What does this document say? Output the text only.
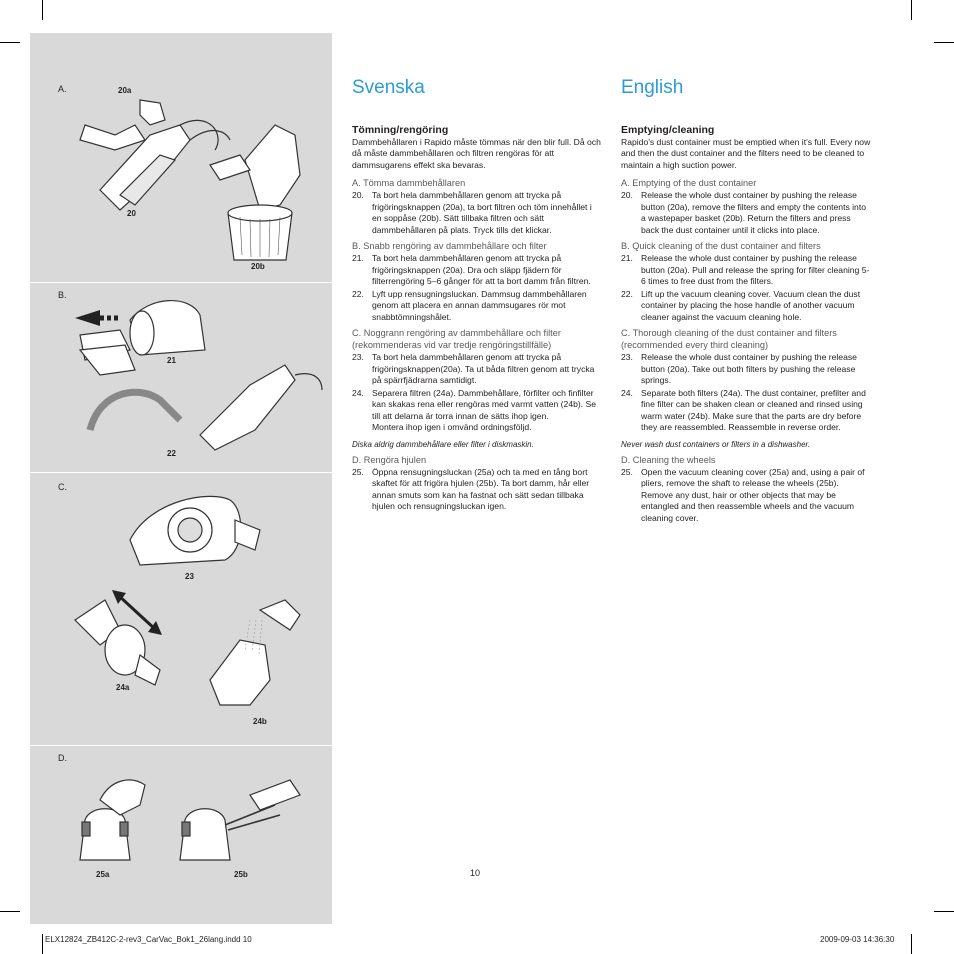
A.	20a
20
20b
B.
21
22
C.
23
24a
24b
D.
25a	25b
Svenska
Tömning/rengöring
Dammbehållaren i Rapido måste tömmas när den blir full. Då och då måste dammbehållaren och filtren rengöras för att dammsugarens effekt ska bevaras.
A. Tömma dammbehållaren
20. Ta bort hela dammbehållaren genom att trycka på frigöringsknappen (20a), ta bort filtren och töm innehållet i en soppåse (20b). Sätt tillbaka filtren och sätt dammbehållaren på plats. Tryck tills det klickar.
B. Snabb rengöring av dammbehållare och filter
21. Ta bort hela dammbehållaren genom att trycka på frigöringsknappen (20a). Dra och släpp fjädern för filterrengöring 5–6 gånger för att ta bort damm från filtren.
22. Lyft upp rensugningsluckan. Dammsug dammbehållaren genom att placera en annan dammsugares rör mot snabbtömningshålet.
C. Noggrann rengöring av dammbehållare och filter (rekommenderas vid var tredje rengöringstillfälle)
23. Ta bort hela dammbehållaren genom att trycka på frigöringsknappen(20a). Ta ut båda filtren genom att trycka på spärrfjädrarna samtidigt.
24. Separera filtren (24a). Dammbehållare, förfilter och finfilter kan skakas rena eller rengöras med varmt vatten (24b). Se till att delarna är torra innan de sätts ihop igen.
Montera ihop igen i omvänd ordningsföljd.
Diska aldrig dammbehållare eller filter i diskmaskin.
D. Rengöra hjulen
25. Öppna rensugningsluckan (25a) och ta med en tång bort skaftet för att frigöra hjulen (25b). Ta bort damm, hår eller annan smuts som kan ha fastnat och sätt sedan tillbaka hjulen och rensugningsluckan igen.
English
Emptying/cleaning
Rapido's dust container must be emptied when it's full. Every now and then the dust container and the filters need to be cleaned to maintain a high suction power.
A. Emptying of the dust container
20. Release the whole dust container by pushing the release button (20a), remove the filters and empty the contents into a wastepaper basket (20b). Return the filters and press back the dust container until it clicks into place.
B. Quick cleaning of the dust container and filters
21. Release the whole dust container by pushing the release button (20a). Pull and release the spring for filter cleaning 5-6 times to free dust from the filters.
22. Lift up the vacuum cleaning cover. Vacuum clean the dust container by placing the hose handle of another vacuum cleaner against the vacuum cleaning hole.
C. Thorough cleaning of the dust container and filters (recommended every third cleaning)
23. Release the whole dust container by pushing the release button (20a). Take out both filters by pushing the release springs.
24. Separate both filters (24a). The dust container, prefilter and fine filter can be shaken clean or cleaned and rinsed using warm water (24b). Make sure that the parts are dry before they are reassembled. Reassemble in reverse order.
Never wash dust containers or filters in a dishwasher.
D. Cleaning the wheels
25. Open the vacuum cleaning cover (25a) and, using a pair of pliers, remove the shaft to release the wheels (25b). Remove any dust, hair or other objects that may be entangled and then reassemble wheels and the vacuum cleaning cover.
10
ELX12824_ZB412C-2-rev3_CarVac_Bok1_26lang.indd 10	2009-09-03 14:36:30
